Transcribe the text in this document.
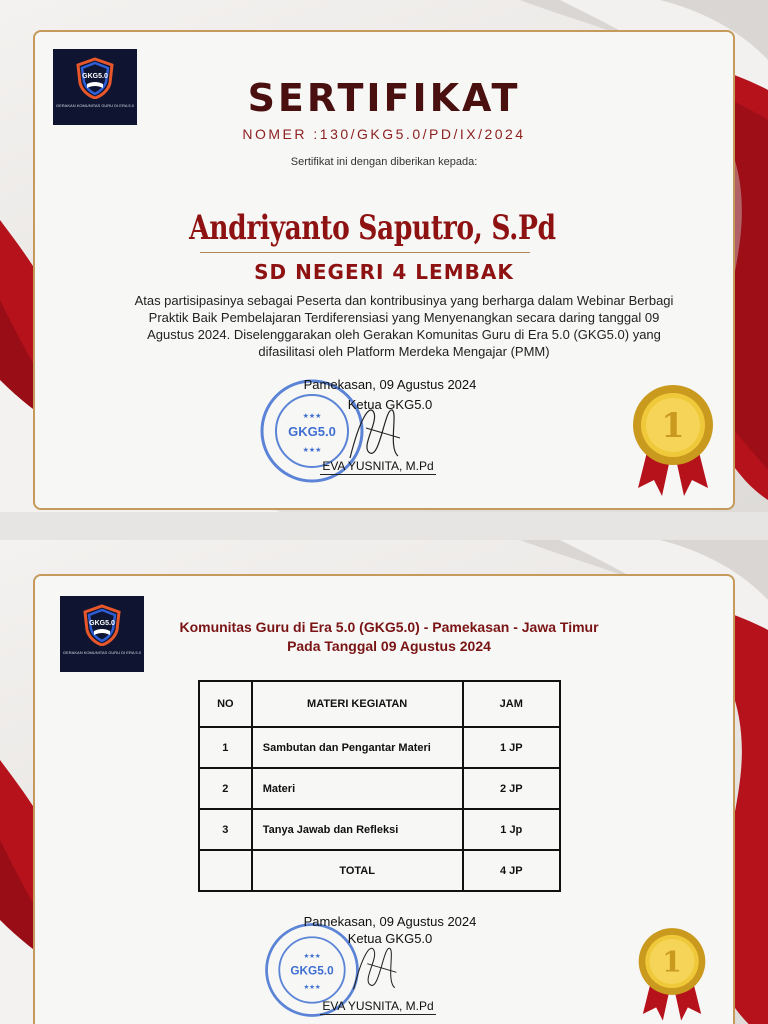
GKG5.0
GERAKAN KOMUNITAS GURU DI ERA 5.0	SERTIFIKAT
NOMER :130/GKG5.0/PD/IX/2024
Sertifikat ini dengan diberikan kepada:
Andriyanto Saputro, S.Pd
SD NEGERI 4 LEMBAK
Atas partisipasinya sebagai Peserta dan kontribusinya yang berharga dalam Webinar Berbagi Praktik Baik Pembelajaran Terdiferensiasi yang Menyenangkan secara daring tanggal 09 Agustus 2024. Diselenggarakan oleh Gerakan Komunitas Guru di Era 5.0 (GKG5.0) yang difasilitasi oleh Platform Merdeka Mengajar (PMM)
GKG5.0
★★★
★★★
Pamekasan, 09 Agustus 2024
Ketua GKG5.0
EVA YUSNITA, M.Pd
1
GKG5.0
GERAKAN KOMUNITAS GURU DI ERA 5.0
Komunitas Guru di Era 5.0 (GKG5.0) - Pamekasan - Jawa Timur
Pada Tanggal 09 Agustus 2024
NO	MATERI KEGIATAN	JAM
1	Sambutan dan Pengantar Materi	1 JP
2	Materi	2 JP
3	Tanya Jawab dan Refleksi	1 Jp
	TOTAL	4 JP
GKG5.0
★★★
★★★
Pamekasan, 09 Agustus 2024
Ketua GKG5.0
EVA YUSNITA, M.Pd
1
